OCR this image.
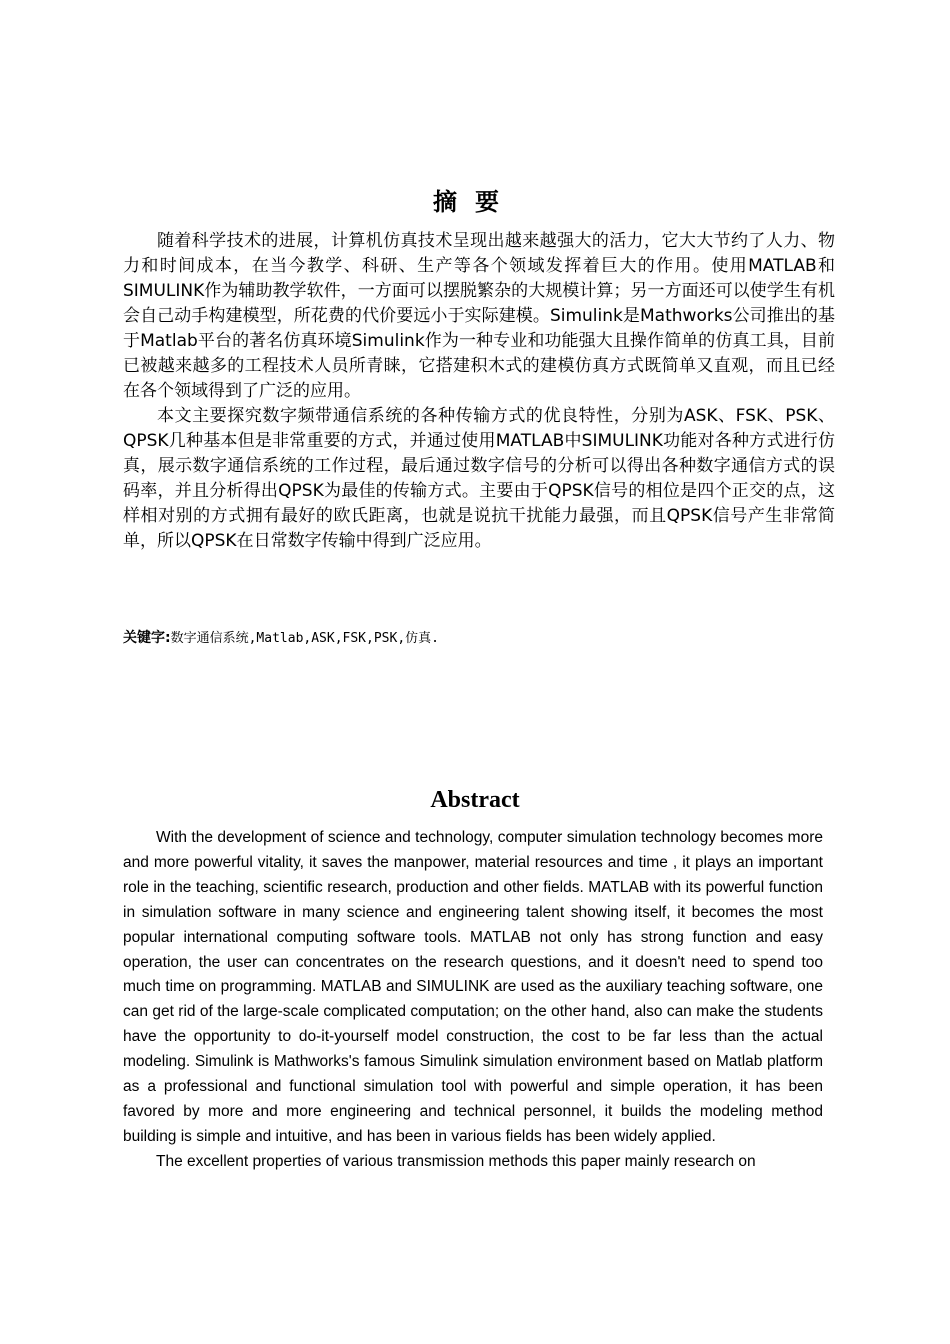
摘要

随着科学技术的进展，计算机仿真技术呈现出越来越强大的活力，它大大节约了人力、物力和时间成本，在当今教学、科研、生产等各个领域发挥着巨大的作用。使用MATLAB和SIMULINK作为辅助教学软件，一方面可以摆脱繁杂的大规模计算；另一方面还可以使学生有机会自己动手构建模型，所花费的代价要远小于实际建模。Simulink是Mathworks公司推出的基于Matlab平台的著名仿真环境Simulink作为一种专业和功能强大且操作简单的仿真工具，目前已被越来越多的工程技术人员所青睐，它搭建积木式的建模仿真方式既简单又直观，而且已经在各个领域得到了广泛的应用。

本文主要探究数字频带通信系统的各种传输方式的优良特性，分别为ASK、FSK、PSK、QPSK几种基本但是非常重要的方式，并通过使用MATLAB中SIMULINK功能对各种方式进行仿真，展示数字通信系统的工作过程，最后通过数字信号的分析可以得出各种数字通信方式的误码率，并且分析得出QPSK为最佳的传输方式。主要由于QPSK信号的相位是四个正交的点，这样相对别的方式拥有最好的欧氏距离，也就是说抗干扰能力最强，而且QPSK信号产生非常简单，所以QPSK在日常数字传输中得到广泛应用。

关键字:数字通信系统,Matlab,ASK,FSK,PSK,仿真.
Abstract

With the development of science and technology, computer simulation technology becomes more and more powerful vitality, it saves the manpower, material resources and time , it plays an important role in the teaching, scientific research, production and other fields. MATLAB with its powerful function in simulation software in many science and engineering talent showing itself, it becomes the most popular international computing software tools. MATLAB not only has strong function and easy operation, the user can concentrates on the research questions, and it doesn't need to spend too much time on programming. MATLAB and SIMULINK are used as the auxiliary teaching software, one can get rid of the large-scale complicated computation; on the other hand, also can make the students have the opportunity to do-it-yourself model construction, the cost to be far less than the actual modeling. Simulink is Mathworks's famous Simulink simulation environment based on Matlab platform as a professional and functional simulation tool with powerful and simple operation, it has been favored by more and more engineering and technical personnel, it builds the modeling method building is simple and intuitive, and has been in various fields has been widely applied.

The excellent properties of various transmission methods this paper mainly research on
